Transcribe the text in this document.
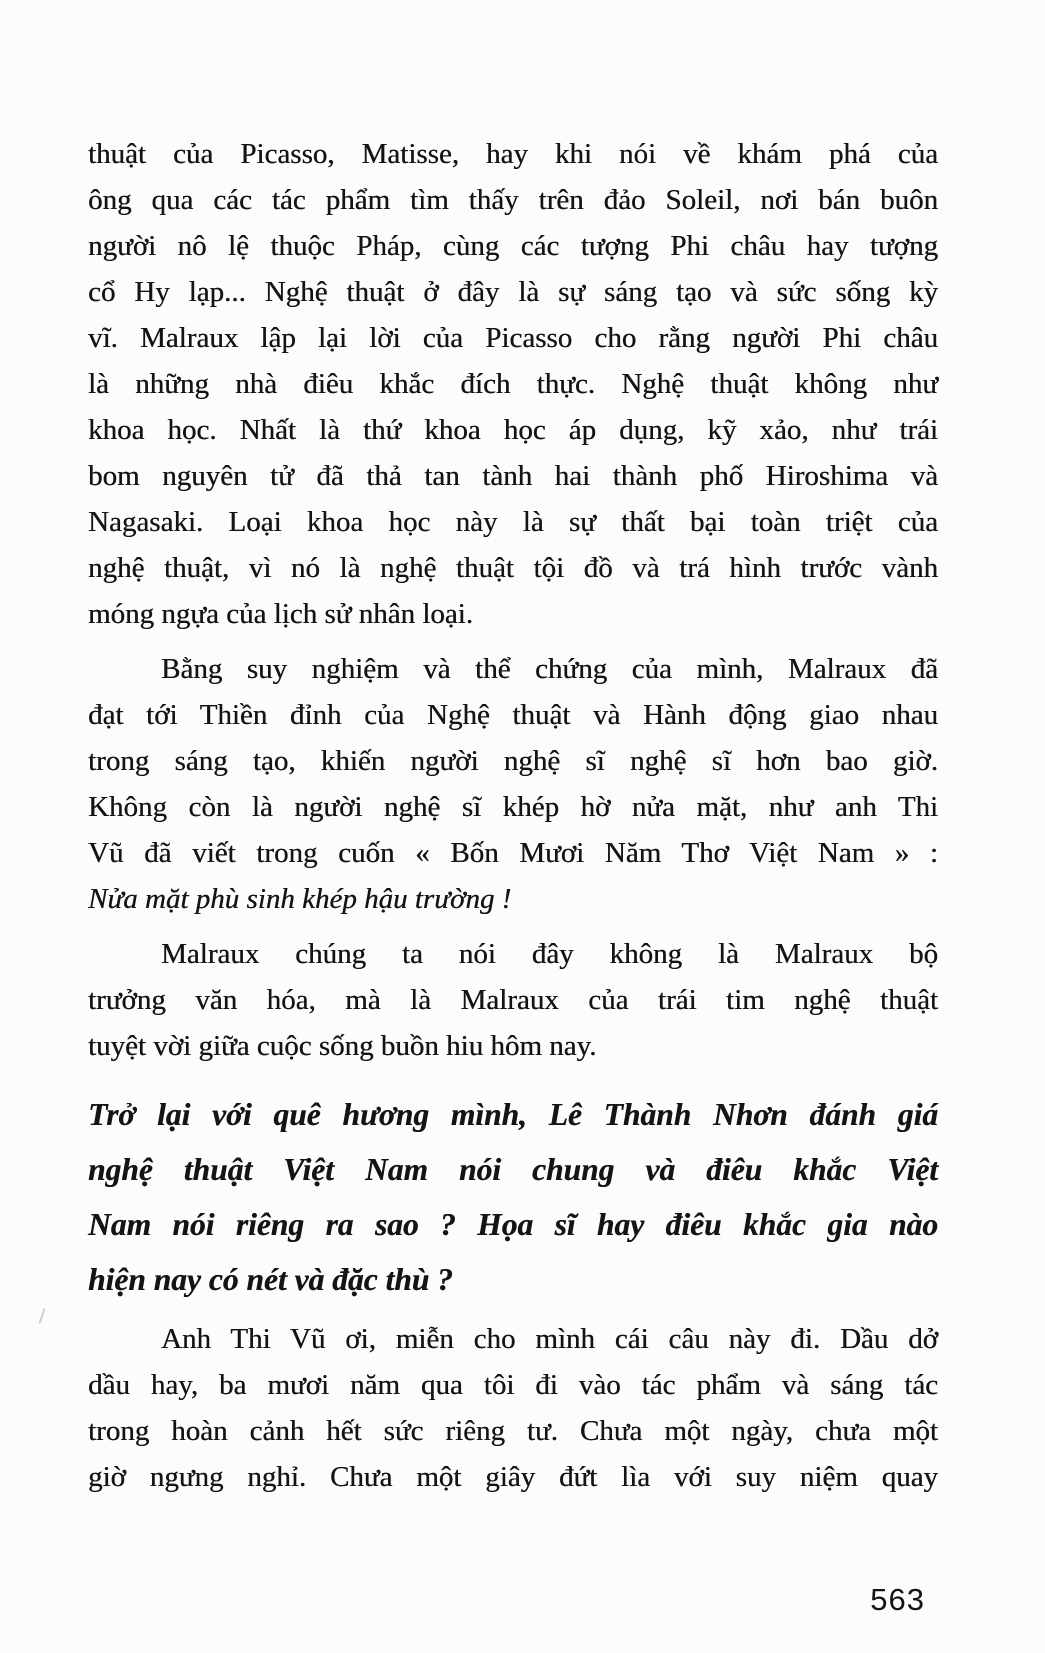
thuật của Picasso, Matisse, hay khi nói về khám phá của
ông qua các tác phẩm tìm thấy trên đảo Soleil, nơi bán buôn
người nô lệ thuộc Pháp, cùng các tượng Phi châu hay tượng
cổ Hy lạp... Nghệ thuật ở đây là sự sáng tạo và sức sống kỳ
vĩ. Malraux lập lại lời của Picasso cho rằng người Phi châu
là những nhà điêu khắc đích thực. Nghệ thuật không như
khoa học. Nhất là thứ khoa học áp dụng, kỹ xảo, như trái
bom nguyên tử đã thả tan tành hai thành phố Hiroshima và
Nagasaki. Loại khoa học này là sự thất bại toàn triệt của
nghệ thuật, vì nó là nghệ thuật tội đồ và trá hình trước vành
móng ngựa của lịch sử nhân loại.
Bằng suy nghiệm và thể chứng của mình, Malraux đã
đạt tới Thiền đỉnh của Nghệ thuật và Hành động giao nhau
trong sáng tạo, khiến người nghệ sĩ nghệ sĩ hơn bao giờ.
Không còn là người nghệ sĩ khép hờ nửa mặt, như anh Thi
Vũ đã viết trong cuốn « Bốn Mươi Năm Thơ Việt Nam » :
Nửa mặt phù sinh khép hậu trường !
Malraux chúng ta nói đây không là Malraux bộ
trưởng văn hóa, mà là Malraux của trái tim nghệ thuật
tuyệt vời giữa cuộc sống buồn hiu hôm nay.
Trở lại với quê hương mình, Lê Thành Nhơn đánh giá
nghệ thuật Việt Nam nói chung và điêu khắc Việt
Nam nói riêng ra sao ? Họa sĩ hay điêu khắc gia nào
hiện nay có nét và đặc thù ?
Anh Thi Vũ ơi, miễn cho mình cái câu này đi. Dầu dở
dầu hay, ba mươi năm qua tôi đi vào tác phẩm và sáng tác
trong hoàn cảnh hết sức riêng tư. Chưa một ngày, chưa một
giờ ngưng nghỉ. Chưa một giây đứt lìa với suy niệm quay
563
